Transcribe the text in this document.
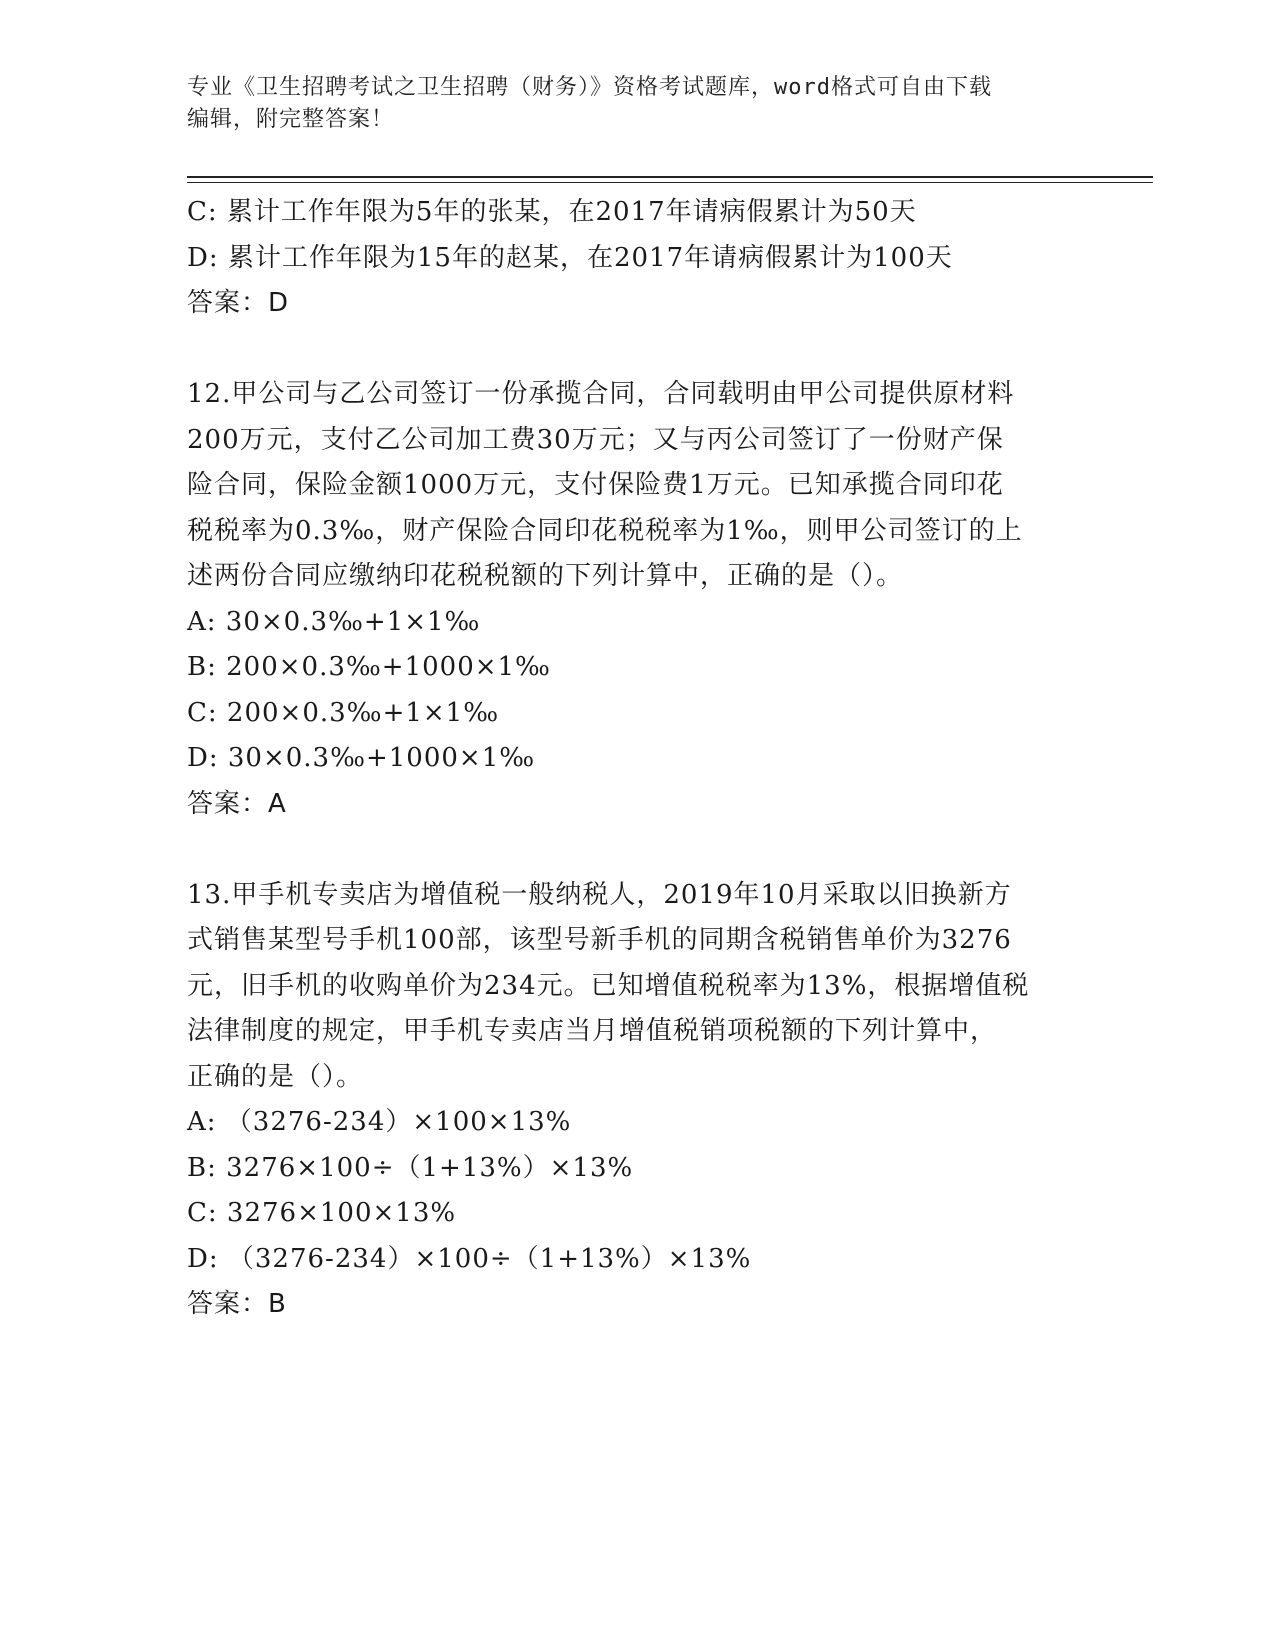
专业《卫生招聘考试之卫生招聘（财务）》资格考试题库，word格式可自由下载
编辑，附完整答案！
C: 累计工作年限为5年的张某，在2017年请病假累计为50天
D: 累计工作年限为15年的赵某，在2017年请病假累计为100天
答案：D
12.甲公司与乙公司签订一份承揽合同，合同载明由甲公司提供原材料
200万元，支付乙公司加工费30万元；又与丙公司签订了一份财产保
险合同，保险金额1000万元，支付保险费1万元。已知承揽合同印花
税税率为0.3‰，财产保险合同印花税税率为1‰，则甲公司签订的上
述两份合同应缴纳印花税税额的下列计算中，正确的是（）。
A: 30×0.3‰+1×1‰
B: 200×0.3‰+1000×1‰
C: 200×0.3‰+1×1‰
D: 30×0.3‰+1000×1‰
答案：A
13.甲手机专卖店为增值税一般纳税人，2019年10月采取以旧换新方
式销售某型号手机100部，该型号新手机的同期含税销售单价为3276
元，旧手机的收购单价为234元。已知增值税税率为13%，根据增值税
法律制度的规定，甲手机专卖店当月增值税销项税额的下列计算中，
正确的是（）。
A: （3276-234）×100×13%
B: 3276×100÷（1+13%）×13%
C: 3276×100×13%
D: （3276-234）×100÷（1+13%）×13%
答案：B
